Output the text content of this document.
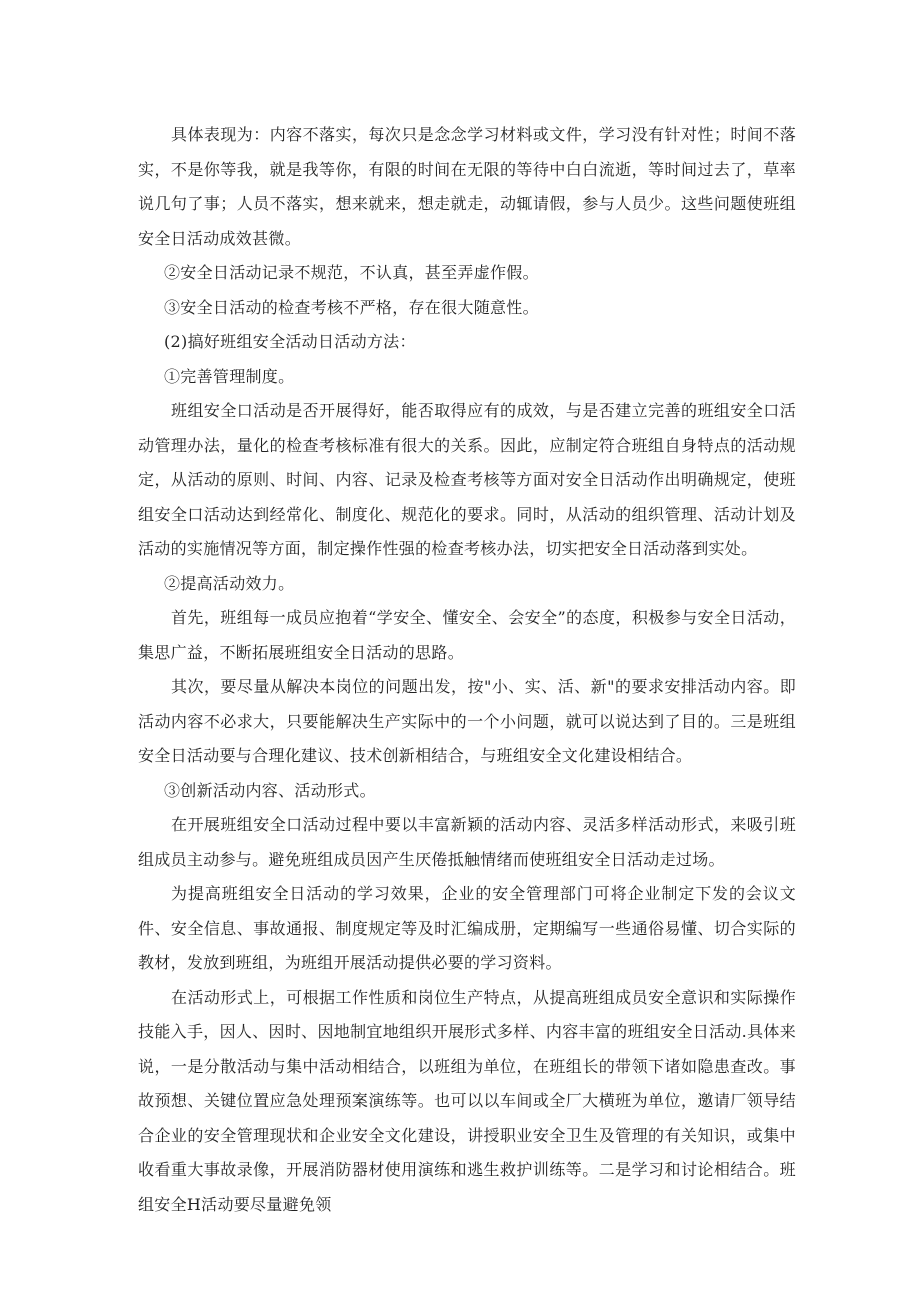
具体表现为：内容不落实，每次只是念念学习材料或文件，学习没有针对性；时间不落实，不是你等我，就是我等你，有限的时间在无限的等待中白白流逝，等时间过去了，草率说几句了事；人员不落实，想来就来，想走就走，动辄请假，参与人员少。这些问题使班组安全日活动成效甚微。

②安全日活动记录不规范，不认真，甚至弄虚作假。

③安全日活动的检查考核不严格，存在很大随意性。

(2)搞好班组安全活动日活动方法：

①完善管理制度。

班组安全口活动是否开展得好，能否取得应有的成效，与是否建立完善的班组安全口活动管理办法，量化的检查考核标准有很大的关系。因此，应制定符合班组自身特点的活动规定，从活动的原则、时间、内容、记录及检查考核等方面对安全日活动作出明确规定，使班组安全口活动达到经常化、制度化、规范化的要求。同时，从活动的组织管理、活动计划及活动的实施情况等方面，制定操作性强的检查考核办法，切实把安全日活动落到实处。

②提高活动效力。

首先，班组每一成员应抱着“学安全、懂安全、会安全”的态度，积极参与安全日活动，集思广益，不断拓展班组安全日活动的思路。

其次，要尽量从解决本岗位的问题出发，按"小、实、活、新"的要求安排活动内容。即活动内容不必求大，只要能解决生产实际中的一个小问题，就可以说达到了目的。三是班组安全日活动要与合理化建议、技术创新相结合，与班组安全文化建设相结合。

③创新活动内容、活动形式。

在开展班组安全口活动过程中要以丰富新颖的活动内容、灵活多样活动形式，来吸引班组成员主动参与。避免班组成员因产生厌倦抵触情绪而使班组安全日活动走过场。

为提高班组安全日活动的学习效果，企业的安全管理部门可将企业制定下发的会议文件、安全信息、事故通报、制度规定等及时汇编成册，定期编写一些通俗易懂、切合实际的教材，发放到班组，为班组开展活动提供必要的学习资料。

在活动形式上，可根据工作性质和岗位生产特点，从提高班组成员安全意识和实际操作技能入手，因人、因时、因地制宜地组织开展形式多样、内容丰富的班组安全日活动.具体来说，一是分散活动与集中活动相结合，以班组为单位，在班组长的带领下诸如隐患查改。事故预想、关键位置应急处理预案演练等。也可以以车间或全厂大横班为单位，邀请厂领导结合企业的安全管理现状和企业安全文化建设，讲授职业安全卫生及管理的有关知识，或集中收看重大事故录像，开展消防器材使用演练和逃生救护训练等。二是学习和讨论相结合。班组安全H活动要尽量避免领
